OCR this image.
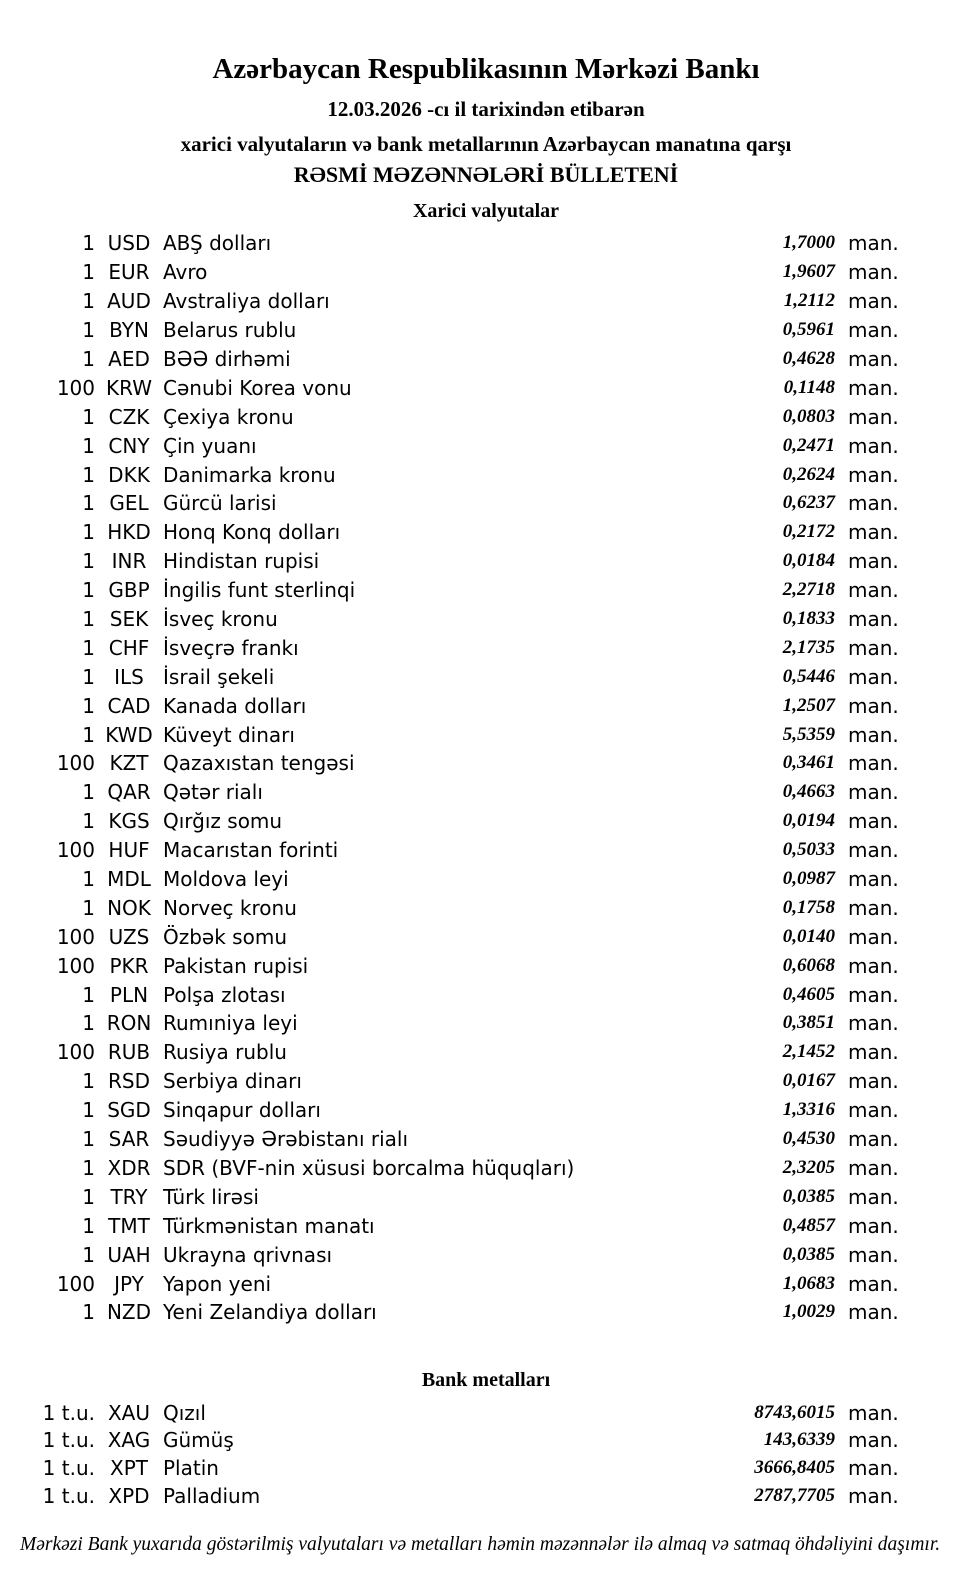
Azərbaycan Respublikasının Mərkəzi Bankı
12.03.2026 -cı il tarixindən etibarən
xarici valyutaların və bank metallarının Azərbaycan manatına qarşı
RƏSMİ MƏZƏNNƏLƏRİ BÜLLETENİ
Xarici valyutalar
1 USD ABŞ dolları	1,7000 man.
1 EUR Avro	1,9607 man.
1 AUD Avstraliya dolları	1,2112 man.
1 BYN Belarus rublu	0,5961 man.
1 AED BƏƏ dirhəmi	0,4628 man.
100 KRW Cənubi Korea vonu	0,1148 man.
1 CZK Çexiya kronu	0,0803 man.
1 CNY Çin yuanı	0,2471 man.
1 DKK Danimarka kronu	0,2624 man.
1 GEL Gürcü larisi	0,6237 man.
1 HKD Honq Konq dolları	0,2172 man.
1 INR Hindistan rupisi	0,0184 man.
1 GBP İngilis funt sterlinqi	2,2718 man.
1 SEK İsveç kronu	0,1833 man.
1 CHF İsveçrə frankı	2,1735 man.
1 ILS İsrail şekeli	0,5446 man.
1 CAD Kanada dolları	1,2507 man.
1 KWD Küveyt dinarı	5,5359 man.
100 KZT Qazaxıstan tengəsi	0,3461 man.
1 QAR Qətər rialı	0,4663 man.
1 KGS Qırğız somu	0,0194 man.
100 HUF Macarıstan forinti	0,5033 man.
1 MDL Moldova leyi	0,0987 man.
1 NOK Norveç kronu	0,1758 man.
100 UZS Özbək somu	0,0140 man.
100 PKR Pakistan rupisi	0,6068 man.
1 PLN Polşa zlotası	0,4605 man.
1 RON Rumıniya leyi	0,3851 man.
100 RUB Rusiya rublu	2,1452 man.
1 RSD Serbiya dinarı	0,0167 man.
1 SGD Sinqapur dolları	1,3316 man.
1 SAR Səudiyyə Ərəbistanı rialı	0,4530 man.
1 XDR SDR (BVF-nin xüsusi borcalma hüquqları)	2,3205 man.
1 TRY Türk lirəsi	0,0385 man.
1 TMT Türkmənistan manatı	0,4857 man.
1 UAH Ukrayna qrivnası	0,0385 man.
100 JPY Yapon yeni	1,0683 man.
1 NZD Yeni Zelandiya dolları	1,0029 man.
Bank metalları
1 t.u. XAU Qızıl	8743,6015 man.
1 t.u. XAG Gümüş	143,6339 man.
1 t.u. XPT Platin	3666,8405 man.
1 t.u. XPD Palladium	2787,7705 man.
Mərkəzi Bank yuxarıda göstərilmiş valyutaları və metalları həmin məzənnələr ilə almaq və satmaq öhdəliyini daşımır.
